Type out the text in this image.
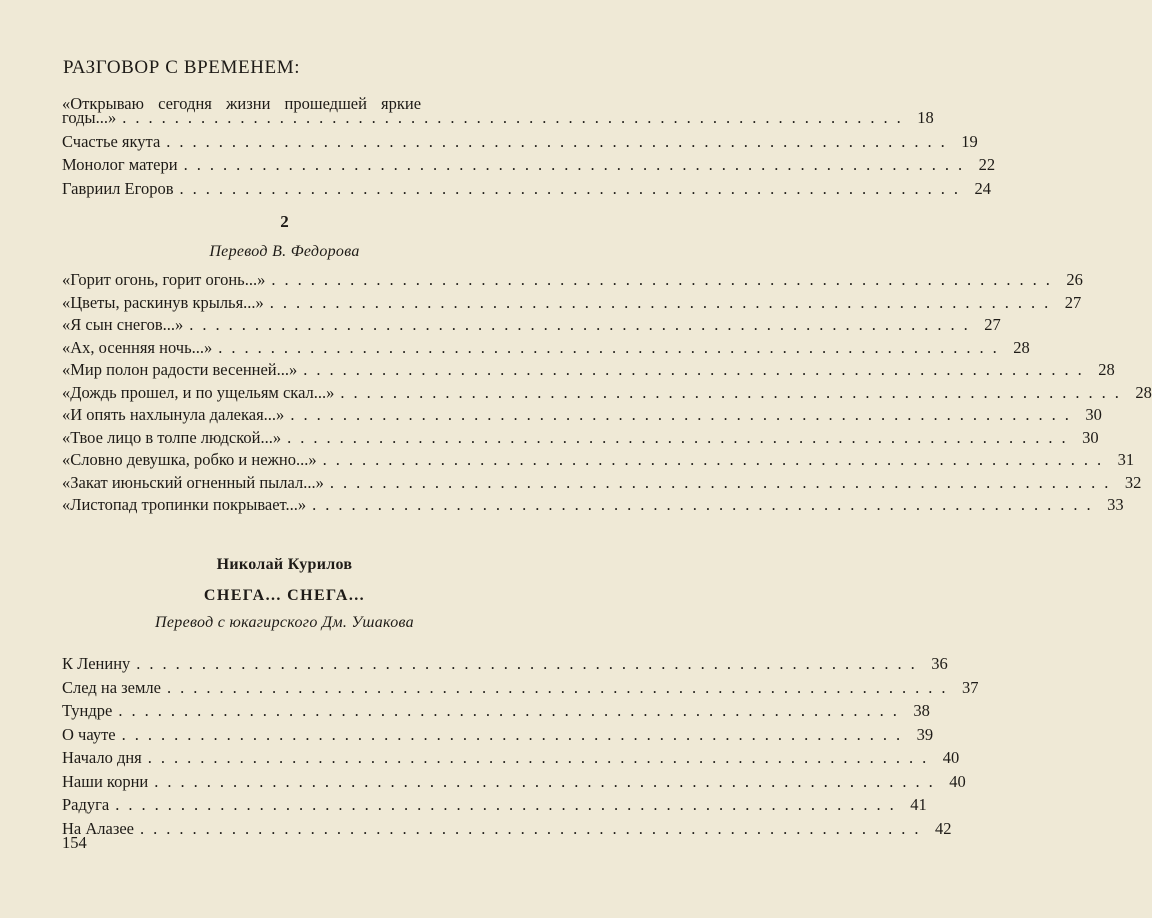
РАЗГОВОР С ВРЕМЕНЕМ:
«Открываю сегодня жизни прошедшей яркие
годы...» ............................................................ 18
Счастье якута ............................................................ 19
Монолог матери ............................................................ 22
Гавриил Егоров ............................................................ 24
2
Перевод В. Федорова
«Горит огонь, горит огонь...» ............................................................ 26
«Цветы, раскинув крылья...» ............................................................ 27
«Я сын снегов...» ............................................................ 27
«Ах, осенняя ночь...» ............................................................ 28
«Мир полон радости весенней...» ............................................................ 28
«Дождь прошел, и по ущельям скал...» ............................................................ 28
«И опять нахлынула далекая...» ............................................................ 30
«Твое лицо в толпе людской...» ............................................................ 30
«Словно девушка, робко и нежно...» ............................................................ 31
«Закат июньский огненный пылал...» ............................................................ 32
«Листопад тропинки покрывает...» ............................................................ 33
Николай Курилов
СНЕГА... СНЕГА...
Перевод с юкагирского Дм. Ушакова
К Ленину ............................................................ 36
След на земле ............................................................ 37
Тундре ............................................................ 38
О чауте ............................................................ 39
Начало дня ............................................................ 40
Наши корни ............................................................ 40
Радуга ............................................................ 41
На Алазее ............................................................ 42
154
